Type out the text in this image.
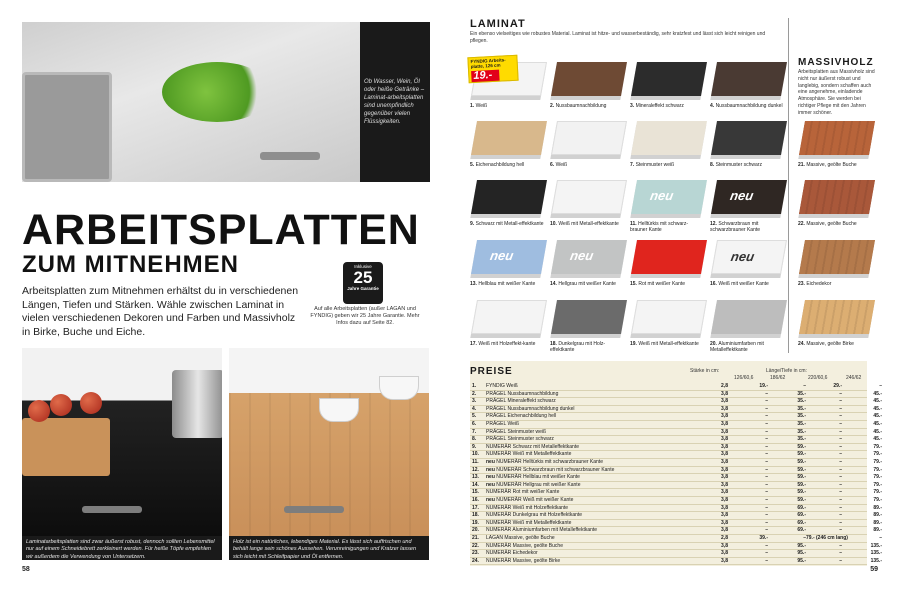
Ob Wasser, Wein, Öl oder heiße Getränke – Laminat-arbeitsplatten sind unempfindlich gegenüber vielen Flüssigkeiten.

ARBEITSPLATTEN
ZUM MITNEHMEN

Arbeitsplatten zum Mitnehmen erhältst du in verschiedenen Längen, Tiefen und Stärken. Wähle zwischen Laminat in vielen verschiedenen Dekoren und Farben und Massivholz in Birke, Buche und Eiche.

Inklusive
25
Jahre Garantie

Auf alle Arbeitsplatten (außer LAGAN und FYNDIG) geben wir 25 Jahre Garantie. Mehr Infos dazu auf Seite 82.

Laminatarbeitsplatten sind zwar äußerst robust, dennoch sollten Lebensmittel nur auf einem Schneidebrett zerkleinert werden. Für heiße Töpfe empfehlen wir außerdem die Verwendung von Untersetzern.

Holz ist ein natürliches, lebendiges Material. Es lässt sich auffrischen und behält lange sein schönes Aussehen. Verunreinigungen und Kratzer lassen sich leicht mit Schleifpapier und Öl entfernen.

58
LAMINAT

Ein ebenso vielseitiges wie robustes Material. Laminat ist hitze- und wasserbeständig, sehr kratzfest und lässt sich leicht reinigen und pflegen.

MASSIVHOLZ

Arbeitsplatten aus Massivholz sind nicht nur äußerst robust und langlebig, sondern schaffen auch eine angenehme, einladende Atmosphäre. Sie werden bei richtiger Pflege mit den Jahren immer schöner.

1. Weiß
FYNDIG Arbeits-platte, 126 cm
19.-
2. Nussbaumnachbildung	3. Mineraleffekt schwarz	4. Nussbaumnachbildung dunkel
5. Eichenachbildung hell	6. Weiß	7. Steinmuster weiß	8. Steinmuster schwarz
9. Schwarz mit Metall-effektkante 10. Weiß mit Metall-effektkante
neu
11. Helltürkis mit schwarz-brauner Kante
neu
12. Schwarzbraun mit schwarzbrauner Kante
neu
13. Hellblau mit weißer Kante
neu
14. Hellgrau mit weißer Kante	15. Rot mit weißer Kante
neu
16. Weiß mit weißer Kante
17. Weiß mit Holzeffekt-kante	18. Dunkelgrau mit Holz-effektkante
19. Weiß mit Metall-effektkante	20. Aluminiumfarben mit Metalleffektkante
21. Massive, geölte Buche
22. Massive, geölte Buche
23. Eichedekor
24. Massive, geölte Birke
PREISE	Stärke in cm:	Länge/Tiefe in cm:
126/60,6	186/62	220/60,6	246/62
1.	FYNDIG Weiß	2,8	19.-	–	29.-	–
2.	PRÄGEL Nussbaumnachbildung	3,8	–	35.-	–	45.-
3.	PRÄGEL Mineraleffekt schwarz	3,8	–	35.-	–	45.-
4.	PRÄGEL Nussbaumnachbildung dunkel	3,8	–	35.-	–	45.-
5.	PRÄGEL Eichenachbildung hell	3,8	–	35.-	–	45.-
6.	PRÄGEL Weiß	3,8	–	35.-	–	45.-
7.	PRÄGEL Steinmuster weiß	3,8	–	35.-	–	45.-
8.	PRÄGEL Steinmuster schwarz	3,8	–	35.-	–	45.-
9.	NUMERÄR Schwarz mit Metalleffektkante	3,8	–	59.-	–	79.-
10.	NUMERÄR Weiß mit Metalleffektkante	3,8	–	59.-	–	79.-
11.	neu NUMERÄR Helltürkis mit schwarzbrauner Kante	3,8	–	59.-	–	79.-
12.	neu NUMERÄR Schwarzbraun mit schwarzbrauner Kante	3,8	–	59.-	–	79.-
13.	neu NUMERÄR Hellblau mit weißer Kante	3,8	–	59.-	–	79.-
14.	neu NUMERÄR Hellgrau mit weißer Kante	3,8	–	59.-	–	79.-
15.	NUMERÄR Rot mit weißer Kante	3,8	–	59.-	–	79.-
16.	neu NUMERÄR Weiß mit weißer Kante	3,8	–	59.-	–	79.-
17.	NUMERÄR Weiß mit Holzeffektkante	3,8	–	69.-	–	89.-
18.	NUMERÄR Dunkelgrau mit Holzeffektkante	3,8	–	69.-	–	89.-
19.	NUMERÄR Weiß mit Metalleffektkante	3,8	–	69.-	–	89.-
20.	NUMERÄR Aluminiumfarben mit Metalleffektkante	3,8	–	69.-	–	89.-
21.	LAGAN Massive, geölte Buche	2,8	39.-	– 79.- (246 cm lang)	–
22.	NUMERÄR Massive, geölte Buche	3,8	–	95.-	–	135.-
23.	NUMERÄR Eichedekor	3,8	–	95.-	–	135.-
24.	NUMERÄR Massive, geölte Birke	3,8	–	95.-	–	135.-
59
